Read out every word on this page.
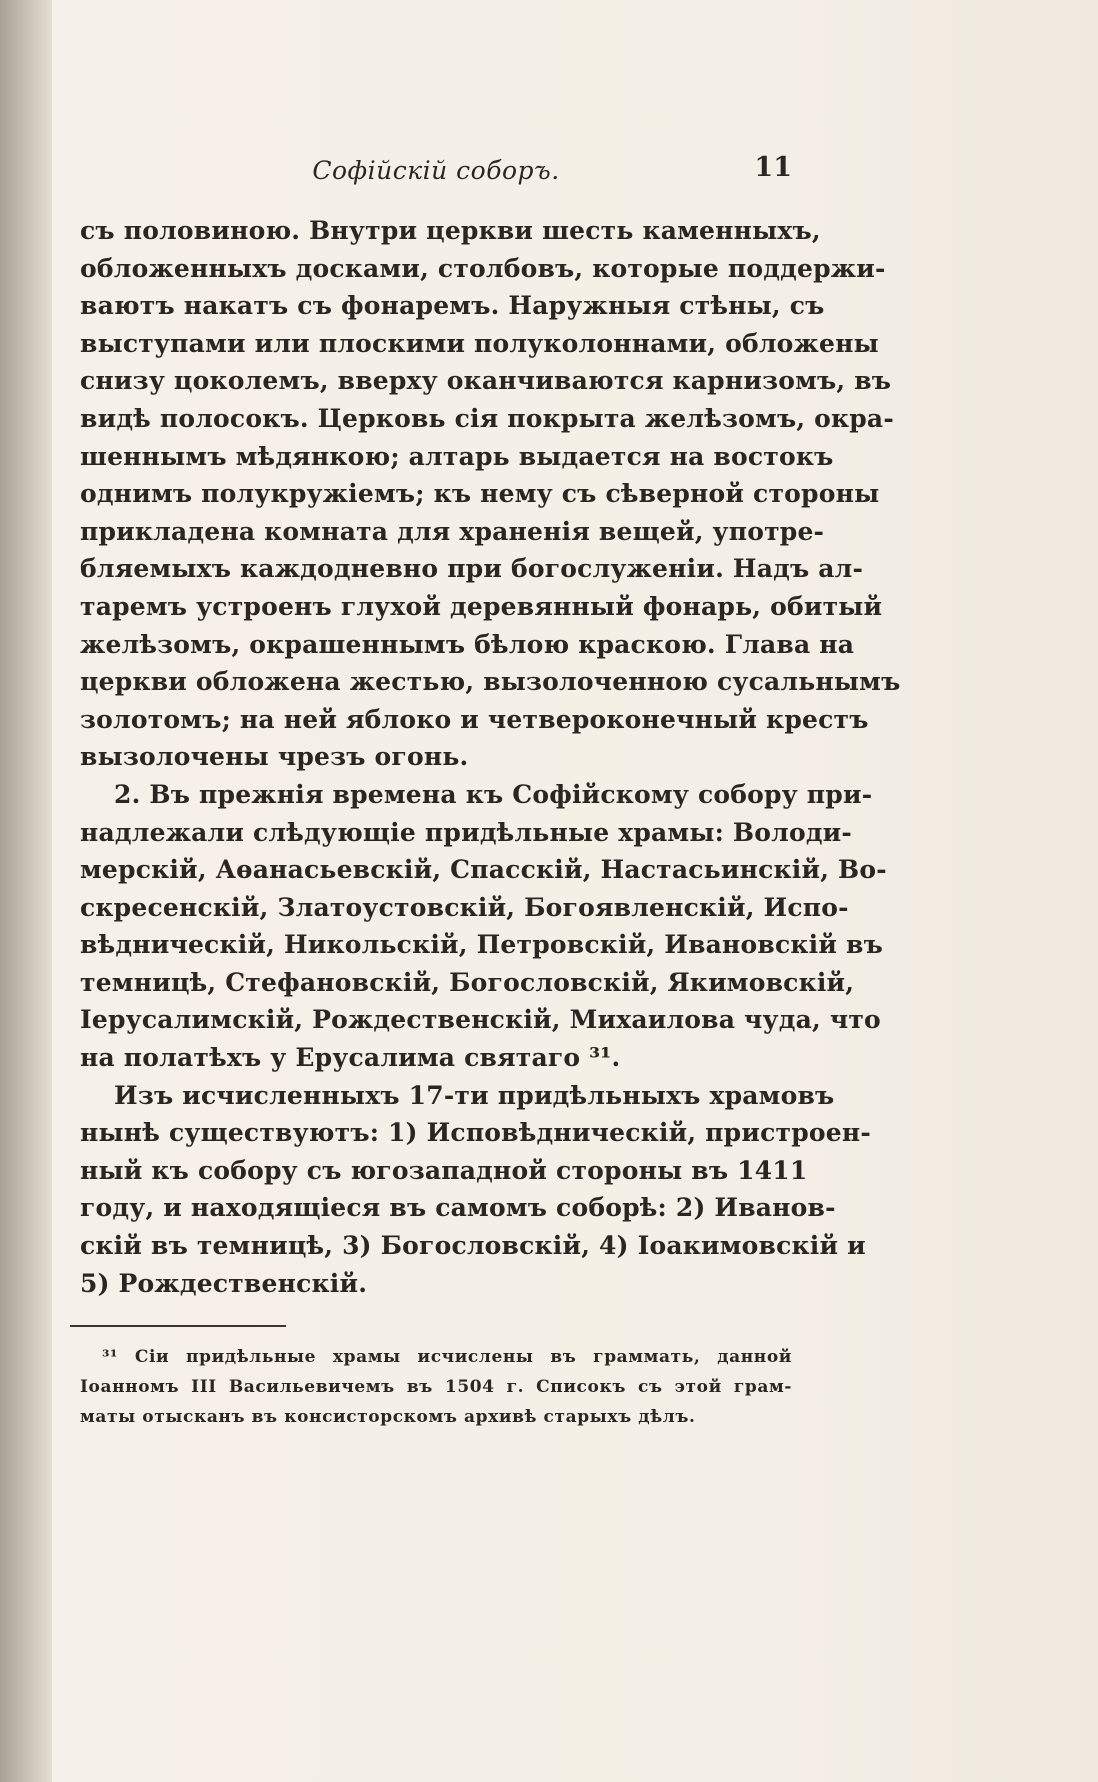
Софійскій соборъ.	11
съ половиною. Внутри церкви шесть каменныхъ,
обложенныхъ досками, столбовъ, которые поддержи-
ваютъ накатъ съ фонаремъ. Наружныя стѣны, съ
выступами или плоскими полуколоннами, обложены
снизу цоколемъ, вверху оканчиваются карнизомъ, въ
видѣ полосокъ. Церковь сія покрыта желѣзомъ, окра-
шеннымъ мѣдянкою; алтарь выдается на востокъ
однимъ полукружіемъ; къ нему съ сѣверной стороны
прикладена комната для храненія вещей, употре-
бляемыхъ каждодневно при богослуженіи. Надъ ал-
таремъ устроенъ глухой деревянный фонарь, обитый
желѣзомъ, окрашеннымъ бѣлою краскою. Глава на
церкви обложена жестью, вызолоченною сусальнымъ
золотомъ; на ней яблоко и четвероконечный крестъ
вызолочены чрезъ огонь.
2. Въ прежнія времена къ Софійскому собору при-
надлежали слѣдующіе придѣльные храмы: Володи-
мерскій, Аѳанасьевскій, Спасскій, Настасьинскій, Во-
скресенскій, Златоустовскій, Богоявленскій, Испо-
вѣдническій, Никольскій, Петровскій, Ивановскій въ
темницѣ, Стефановскій, Богословскій, Якимовскій,
Іерусалимскій, Рождественскій, Михаилова чуда, что
на полатѣхъ у Ерусалима святаго ³¹.
Изъ исчисленныхъ 17-ти придѣльныхъ храмовъ
нынѣ существуютъ: 1) Исповѣдническій, пристроен-
ный къ собору съ югозападной стороны въ 1411
году, и находящіеся въ самомъ соборѣ: 2) Иванов-
скій въ темницѣ, 3) Богословскій, 4) Іоакимовскій и
5) Рождественскій.
³¹ Сіи придѣльные храмы исчислены въ граммать, данной
Іоанномъ III Васильевичемъ въ 1504 г. Списокъ съ этой грам-
маты отысканъ въ консисторскомъ архивѣ старыхъ дѣлъ.
